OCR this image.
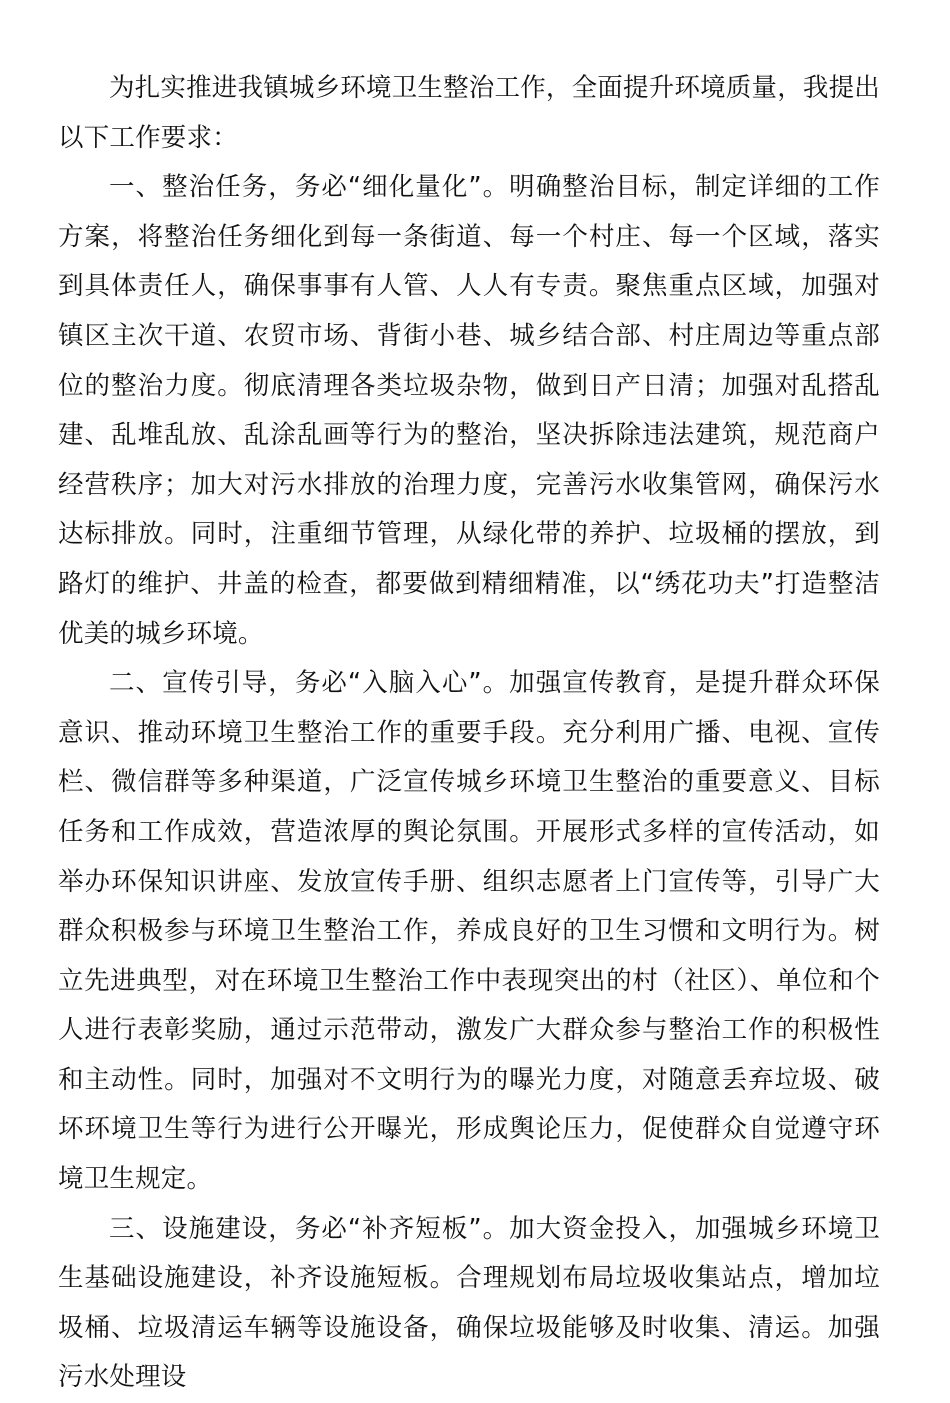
为扎实推进我镇城乡环境卫生整治工作，全面提升环境质量，我提出以下工作要求：

一、整治任务，务必“细化量化”。明确整治目标，制定详细的工作方案，将整治任务细化到每一条街道、每一个村庄、每一个区域，落实到具体责任人，确保事事有人管、人人有专责。聚焦重点区域，加强对镇区主次干道、农贸市场、背街小巷、城乡结合部、村庄周边等重点部位的整治力度。彻底清理各类垃圾杂物，做到日产日清；加强对乱搭乱建、乱堆乱放、乱涂乱画等行为的整治，坚决拆除违法建筑，规范商户经营秩序；加大对污水排放的治理力度，完善污水收集管网，确保污水达标排放。同时，注重细节管理，从绿化带的养护、垃圾桶的摆放，到路灯的维护、井盖的检查，都要做到精细精准，以“绣花功夫”打造整洁优美的城乡环境。

二、宣传引导，务必“入脑入心”。加强宣传教育，是提升群众环保意识、推动环境卫生整治工作的重要手段。充分利用广播、电视、宣传栏、微信群等多种渠道，广泛宣传城乡环境卫生整治的重要意义、目标任务和工作成效，营造浓厚的舆论氛围。开展形式多样的宣传活动，如举办环保知识讲座、发放宣传手册、组织志愿者上门宣传等，引导广大群众积极参与环境卫生整治工作，养成良好的卫生习惯和文明行为。树立先进典型，对在环境卫生整治工作中表现突出的村（社区）、单位和个人进行表彰奖励，通过示范带动，激发广大群众参与整治工作的积极性和主动性。同时，加强对不文明行为的曝光力度，对随意丢弃垃圾、破坏环境卫生等行为进行公开曝光，形成舆论压力，促使群众自觉遵守环境卫生规定。

三、设施建设，务必“补齐短板”。加大资金投入，加强城乡环境卫生基础设施建设，补齐设施短板。合理规划布局垃圾收集站点，增加垃圾桶、垃圾清运车辆等设施设备，确保垃圾能够及时收集、清运。加强污水处理设
